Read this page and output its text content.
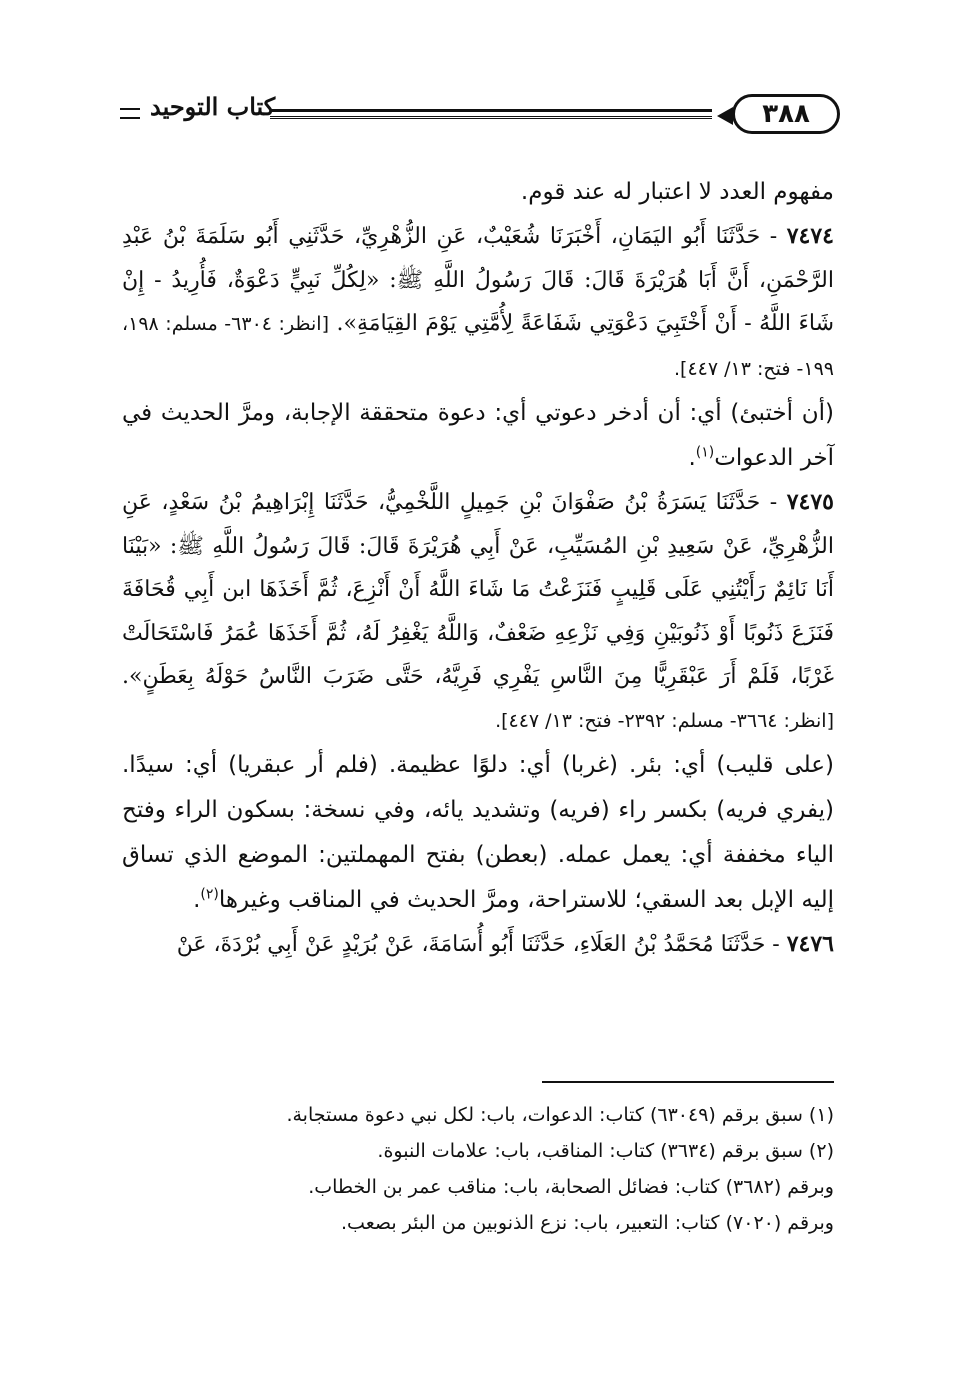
٣٨٨
كتاب التوحيد

مفهوم العدد لا اعتبار له عند قوم.

٧٤٧٤ - حَدَّثَنَا أَبُو اليَمَانِ، أَخْبَرَنَا شُعَيْبٌ، عَنِ الزُّهْرِيِّ، حَدَّثَنِي أَبُو سَلَمَةَ بْنُ عَبْدِ الرَّحْمَنِ، أَنَّ أَبَا هُرَيْرَةَ قَالَ: قَالَ رَسُولُ اللَّهِ ﷺ: «لِكُلِّ نَبِيٍّ دَعْوَةٌ، فَأُرِيدُ - إِنْ شَاءَ اللَّهُ - أَنْ أَخْتَبِيَ دَعْوَتِي شَفَاعَةً لِأُمَّتِي يَوْمَ القِيَامَةِ». [انظر: ٦٣٠٤- مسلم: ١٩٨، ١٩٩- فتح: ١٣/ ٤٤٧].

(أن أختبئ) أي: أن أدخر دعوتي أي: دعوة متحققة الإجابة، ومرَّ الحديث في آخر الدعوات$^{(١)}$.

٧٤٧٥ - حَدَّثَنَا يَسَرَةُ بْنُ صَفْوَانَ بْنِ جَمِيلٍ اللَّخْمِيُّ، حَدَّثَنَا إِبْرَاهِيمُ بْنُ سَعْدٍ، عَنِ الزُّهْرِيِّ، عَنْ سَعِيدِ بْنِ المُسَيِّبِ، عَنْ أَبِي هُرَيْرَةَ قَالَ: قَالَ رَسُولُ اللَّهِ ﷺ: «بَيْنَا أَنَا نَائِمٌ رَأَيْتُنِي عَلَى قَلِيبٍ فَنَزَعْتُ مَا شَاءَ اللَّهُ أَنْ أَنْزِعَ، ثُمَّ أَخَذَهَا ابن أَبِي قُحَافَةَ فَنَزَعَ ذَنُوبًا أَوْ ذَنُوبَيْنِ وَفِي نَزْعِهِ ضَعْفٌ، وَاللَّهُ يَغْفِرُ لَهُ، ثُمَّ أَخَذَهَا عُمَرُ فَاسْتَحَالَتْ غَرْبًا، فَلَمْ أَرَ عَبْقَرِيًّا مِنَ النَّاسِ يَفْرِي فَرِيَّهُ، حَتَّى ضَرَبَ النَّاسُ حَوْلَهُ بِعَطَنٍ». [انظر: ٣٦٦٤- مسلم: ٢٣٩٢- فتح: ١٣/ ٤٤٧].

(على قليب) أي: بئر. (غربا) أي: دلوًا عظيمة. (فلم أر عبقريا) أي: سيدًا. (يفري فريه) بكسر راء (فريه) وتشديد يائه، وفي نسخة: بسكون الراء وفتح الياء مخففة أي: يعمل عمله. (بعطن) بفتح المهملتين: الموضع الذي تساق إليه الإبل بعد السقي؛ للاستراحة، ومرَّ الحديث في المناقب وغيرها$^{(٢)}$.

٧٤٧٦ - حَدَّثَنَا مُحَمَّدُ بْنُ العَلَاءِ، حَدَّثَنَا أَبُو أُسَامَةَ، عَنْ بُرَيْدٍ عَنْ أَبِي بُرْدَةَ، عَنْ

(١) سبق برقم (٦٣٠٤٩) كتاب: الدعوات، باب: لكل نبي دعوة مستجابة.
(٢) سبق برقم (٣٦٣٤) كتاب: المناقب، باب: علامات النبوة.
وبرقم (٣٦٨٢) كتاب: فضائل الصحابة، باب: مناقب عمر بن الخطاب.
وبرقم (٧٠٢٠) كتاب: التعبير، باب: نزع الذنوبين من البئر بصعب.
